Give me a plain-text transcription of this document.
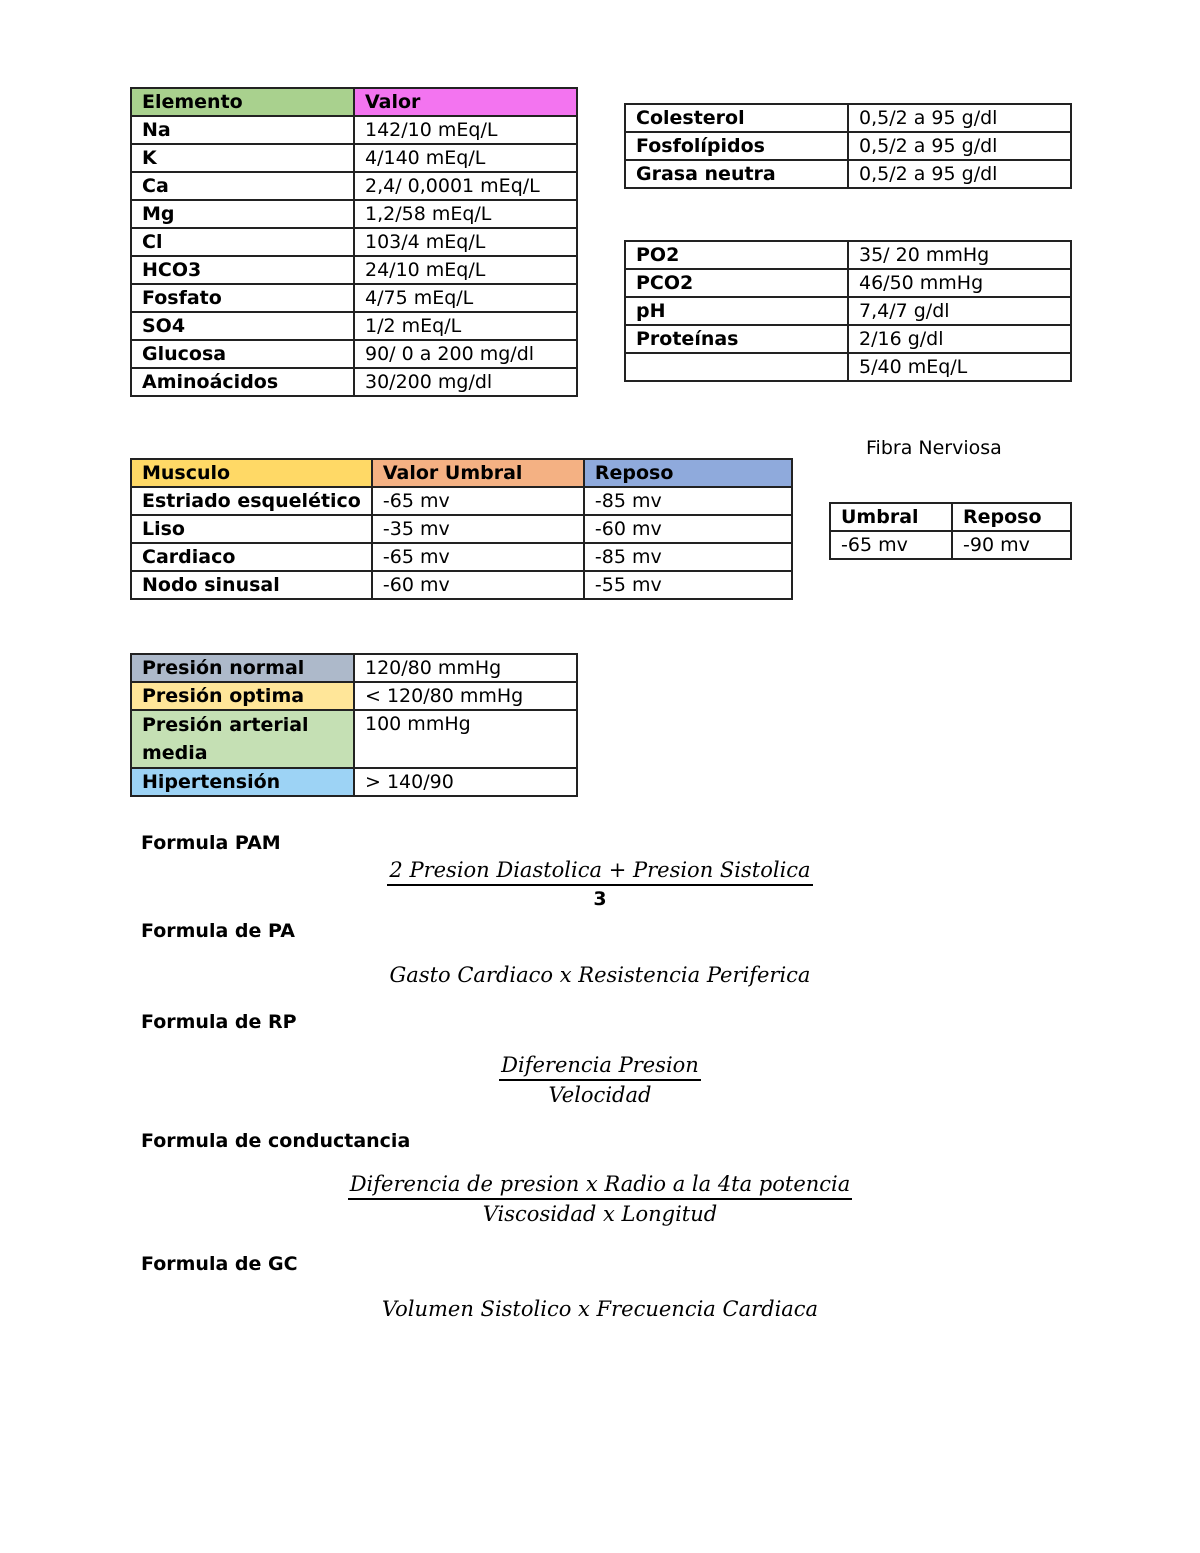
Elemento	Valor
Na	142/10 mEq/L
K	4/140 mEq/L
Ca	2,4/ 0,0001 mEq/L
Mg	1,2/58 mEq/L
Cl	103/4 mEq/L
HCO3	24/10 mEq/L
Fosfato	4/75 mEq/L
SO4	1/2 mEq/L
Glucosa	90/ 0 a 200 mg/dl
Aminoácidos	30/200 mg/dl
Colesterol	0,5/2 a 95 g/dl
Fosfolípidos	0,5/2 a 95 g/dl
Grasa neutra	0,5/2 a 95 g/dl
PO2	35/ 20 mmHg
PCO2	46/50 mmHg
pH	7,4/7 g/dl
Proteínas	2/16 g/dl
	5/40 mEq/L
Fibra Nerviosa
Umbral	Reposo
-65 mv	-90 mv
Musculo	Valor Umbral	Reposo
Estriado esquelético	-65 mv	-85 mv
Liso	-35 mv	-60 mv
Cardiaco	-65 mv	-85 mv
Nodo sinusal	-60 mv	-55 mv
Presión normal	120/80 mmHg
Presión optima	< 120/80 mmHg
Presión arterial media	100 mmHg
Hipertensión	> 140/90
Formula PAM
$\frac{\text{2 Presion Diastolica + Presion Sistolica}}{3}$
Formula de PA
Gasto Cardiaco x Resistencia Periferica
Formula de RP
$\frac{\text{Diferencia Presion}}{\text{Velocidad}}$
Formula de conductancia
$\frac{\text{Diferencia de presion x Radio a la 4ta potencia}}{\text{Viscosidad x Longitud}}$
Formula de GC
Volumen Sistolico x Frecuencia Cardiaca
